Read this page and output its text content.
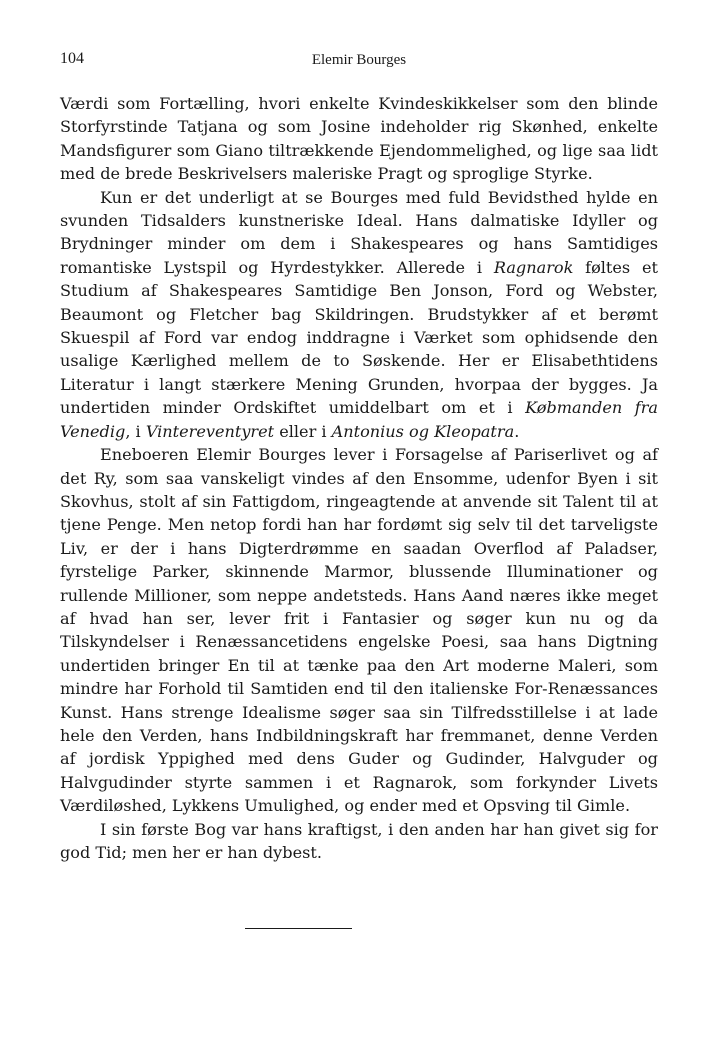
104	Elemir Bourges

Værdi som Fortælling, hvori enkelte Kvindeskikkelser som den blinde Storfyrstinde Tatjana og som Josine indeholder rig Skønhed, enkelte Mandsfigurer som Giano tiltrækkende Ejendommelighed, og lige saa lidt med de brede Beskrivelsers maleriske Pragt og sproglige Styrke.

Kun er det underligt at se Bourges med fuld Bevidsthed hylde en svunden Tidsalders kunstneriske Ideal. Hans dalmatiske Idyller og Brydninger minder om dem i Shakespeares og hans Samtidiges romantiske Lystspil og Hyrdestykker. Allerede i Ragnarok føltes et Studium af Shakespeares Samtidige Ben Jonson, Ford og Webster, Beaumont og Fletcher bag Skildringen. Brudstykker af et berømt Skuespil af Ford var endog inddragne i Værket som ophidsende den usalige Kærlighed mellem de to Søskende. Her er Elisabethtidens Literatur i langt stærkere Mening Grunden, hvorpaa der bygges. Ja undertiden minder Ordskiftet umiddelbart om et i Købmanden fra Venedig, i Vintereventyret eller i Antonius og Kleopatra.

Eneboeren Elemir Bourges lever i Forsagelse af Pariserlivet og af det Ry, som saa vanskeligt vindes af den Ensomme, udenfor Byen i sit Skovhus, stolt af sin Fattigdom, ringeagtende at anvende sit Talent til at tjene Penge. Men netop fordi han har fordømt sig selv til det tarveligste Liv, er der i hans Digterdrømme en saadan Overflod af Paladser, fyrstelige Parker, skinnende Marmor, blussende Illuminationer og rullende Millioner, som neppe andetsteds. Hans Aand næres ikke meget af hvad han ser, lever frit i Fantasier og søger kun nu og da Tilskyndelser i Renæssancetidens engelske Poesi, saa hans Digtning undertiden bringer En til at tænke paa den Art moderne Maleri, som mindre har Forhold til Samtiden end til den italienske For-Renæssances Kunst. Hans strenge Idealisme søger saa sin Tilfredsstillelse i at lade hele den Verden, hans Indbildningskraft har fremmanet, denne Verden af jordisk Yppighed med dens Guder og Gudinder, Halvguder og Halvgudinder styrte sammen i et Ragnarok, som forkynder Livets Værdiløshed, Lykkens Umulighed, og ender med et Opsving til Gimle.

I sin første Bog var hans kraftigst, i den anden har han givet sig for god Tid; men her er han dybest.
